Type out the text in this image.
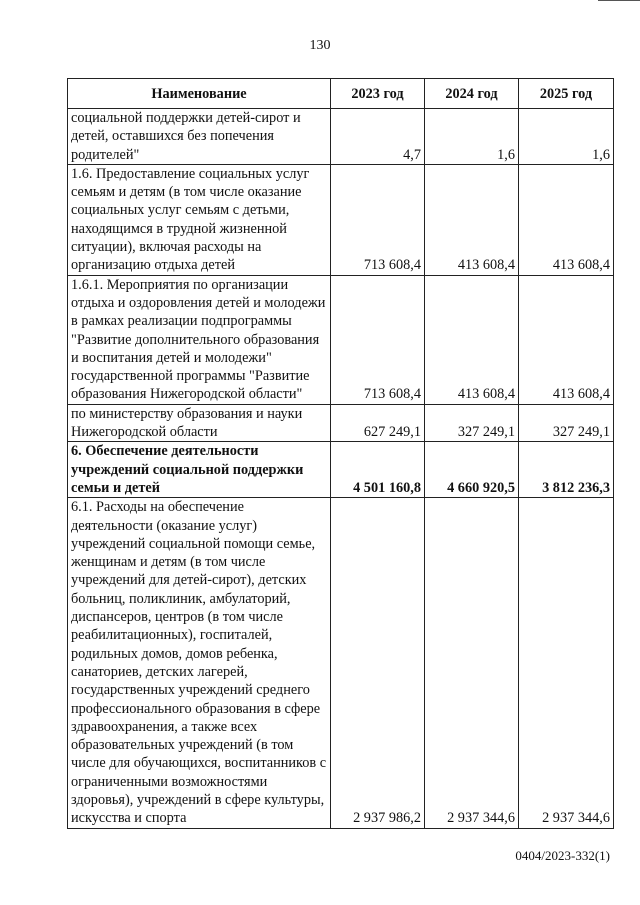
130
Наименование	2023 год	2024 год	2025 год
социальной поддержки детей-сирот и детей, оставшихся без попечения родителей"	4,7	1,6	1,6
1.6. Предоставление социальных услуг семьям и детям (в том числе оказание социальных услуг семьям с детьми, находящимся в трудной жизненной ситуации), включая расходы на организацию отдыха детей	713 608,4	413 608,4	413 608,4
1.6.1. Мероприятия по организации отдыха и оздоровления детей и молодежи в рамках реализации подпрограммы "Развитие дополнительного образования и воспитания детей и молодежи" государственной программы "Развитие образования Нижегородской области"	713 608,4	413 608,4	413 608,4
по министерству образования и науки Нижегородской области	627 249,1	327 249,1	327 249,1
6. Обеспечение деятельности учреждений социальной поддержки семьи и детей	4 501 160,8	4 660 920,5	3 812 236,3
6.1. Расходы на обеспечение деятельности (оказание услуг) учреждений социальной помощи семье, женщинам и детям (в том числе учреждений для детей-сирот), детских больниц, поликлиник, амбулаторий, диспансеров, центров (в том числе реабилитационных), госпиталей, родильных домов, домов ребенка, санаториев, детских лагерей, государственных учреждений среднего профессионального образования в сфере здравоохранения, а также всех образовательных учреждений (в том числе для обучающихся, воспитанников с ограниченными возможностями здоровья), учреждений в сфере культуры, искусства и спорта	2 937 986,2	2 937 344,6	2 937 344,6
0404/2023-332(1)
